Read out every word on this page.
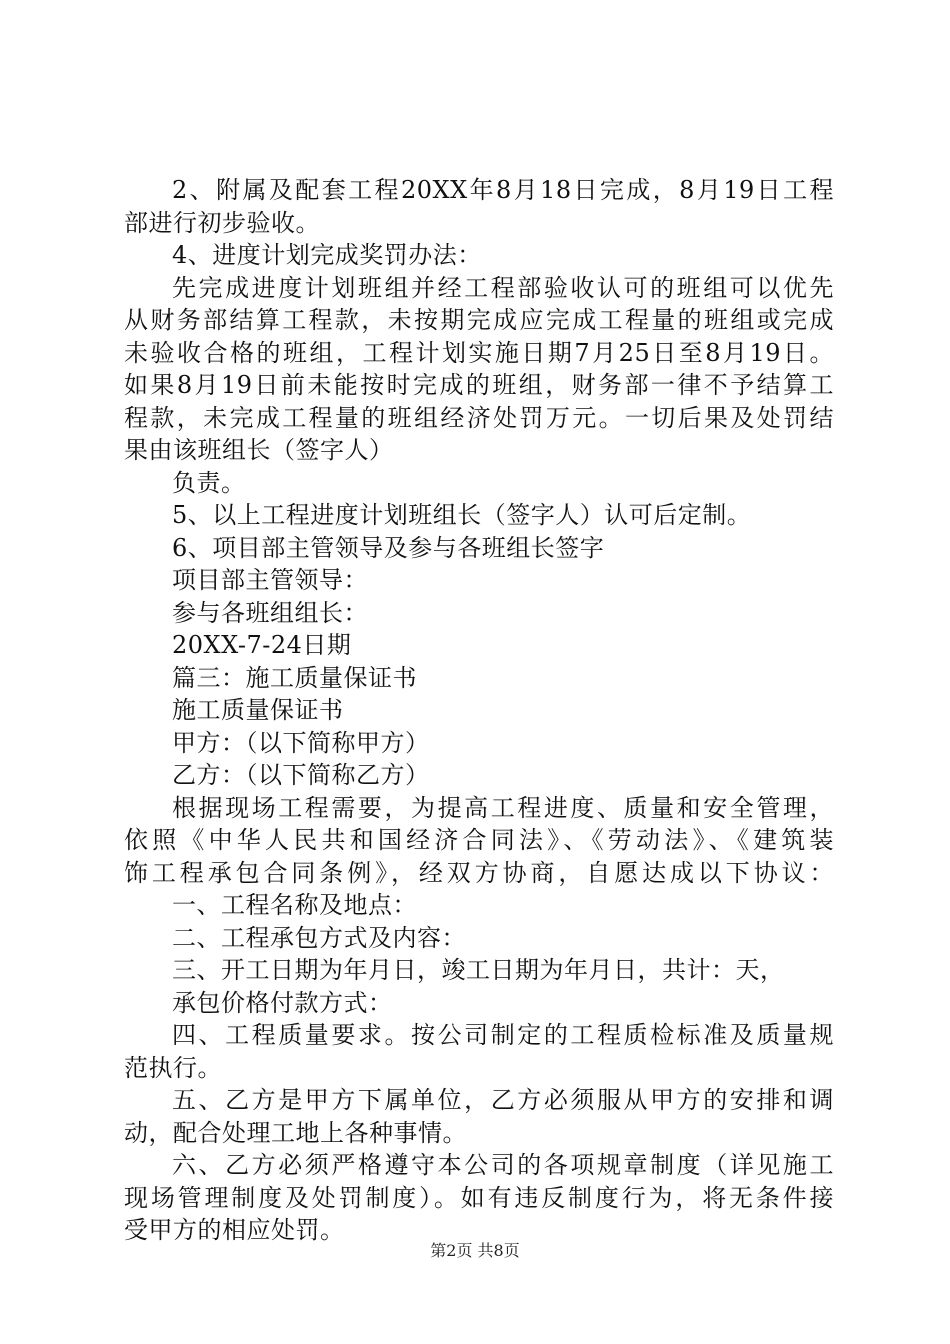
2、附属及配套工程20XX年8月18日完成，8月19日工程
部进行初步验收。
4、进度计划完成奖罚办法：
先完成进度计划班组并经工程部验收认可的班组可以优先
从财务部结算工程款，未按期完成应完成工程量的班组或完成
未验收合格的班组，工程计划实施日期7月25日至8月19日。
如果8月19日前未能按时完成的班组，财务部一律不予结算工
程款，未完成工程量的班组经济处罚万元。一切后果及处罚结
果由该班组长（签字人）
负责。
5、以上工程进度计划班组长（签字人）认可后定制。
6、项目部主管领导及参与各班组长签字
项目部主管领导：
参与各班组组长：
20XX-7-24日期
篇三：施工质量保证书
施工质量保证书
甲方：（以下简称甲方）
乙方：（以下简称乙方）
根据现场工程需要，为提高工程进度、质量和安全管理，
依照《中华人民共和国经济合同法》、《劳动法》、《建筑装
饰工程承包合同条例》，经双方协商，自愿达成以下协议：
一、工程名称及地点：
二、工程承包方式及内容：
三、开工日期为年月日，竣工日期为年月日，共计：天，
承包价格付款方式：
四、工程质量要求。按公司制定的工程质检标准及质量规
范执行。
五、乙方是甲方下属单位，乙方必须服从甲方的安排和调
动，配合处理工地上各种事情。
六、乙方必须严格遵守本公司的各项规章制度（详见施工
现场管理制度及处罚制度）。如有违反制度行为，将无条件接
受甲方的相应处罚。
第2页 共8页
